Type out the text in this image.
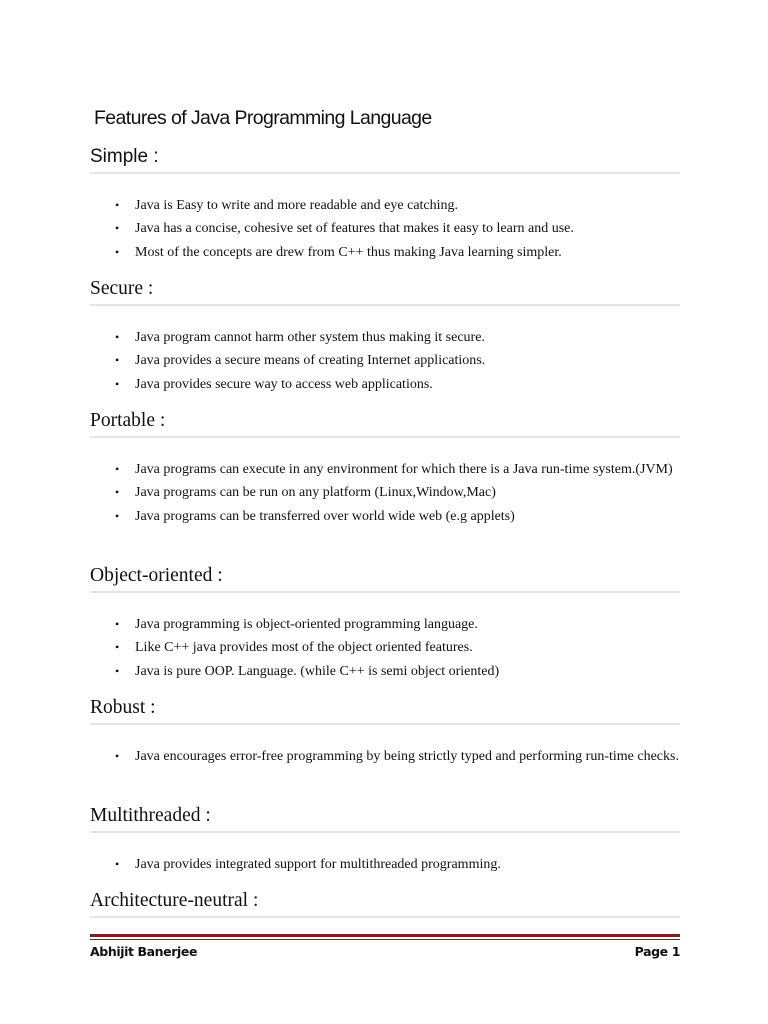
Features of Java Programming Language
Simple :
• Java is Easy to write and more readable and eye catching.
• Java has a concise, cohesive set of features that makes it easy to learn and use.
• Most of the concepts are drew from C++ thus making Java learning simpler.
Secure :
• Java program cannot harm other system thus making it secure.
• Java provides a secure means of creating Internet applications.
• Java provides secure way to access web applications.
Portable :
• Java programs can execute in any environment for which there is a Java run-time system.(JVM)
• Java programs can be run on any platform (Linux,Window,Mac)
• Java programs can be transferred over world wide web (e.g applets)
Object-oriented :
• Java programming is object-oriented programming language.
• Like C++ java provides most of the object oriented features.
• Java is pure OOP. Language. (while C++ is semi object oriented)
Robust :
• Java encourages error-free programming by being strictly typed and performing run-time checks.
Multithreaded :
• Java provides integrated support for multithreaded programming.
Architecture-neutral :
Abhijit Banerjee	Page 1
